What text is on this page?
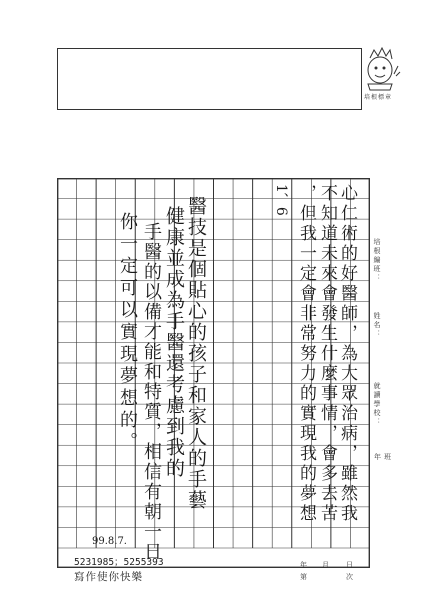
培根標章
培根編班：
姓名：
就讀學校：
年 班
年 月 日
第	次
心仁術的好醫師，為大眾治病，雖然我
不知道未來會發生什麼事情，會多去苦
，但我一定會非常努力的實現我的夢想
1、6
醫技是個貼心的孩子和家人的手藝
健康並成為手醫還考慮到我的
手醫的以備才能和特質，相信有朝一日
你一定可以實現夢想的。
99.8.7.
5231985；5255393
寫作使你快樂
